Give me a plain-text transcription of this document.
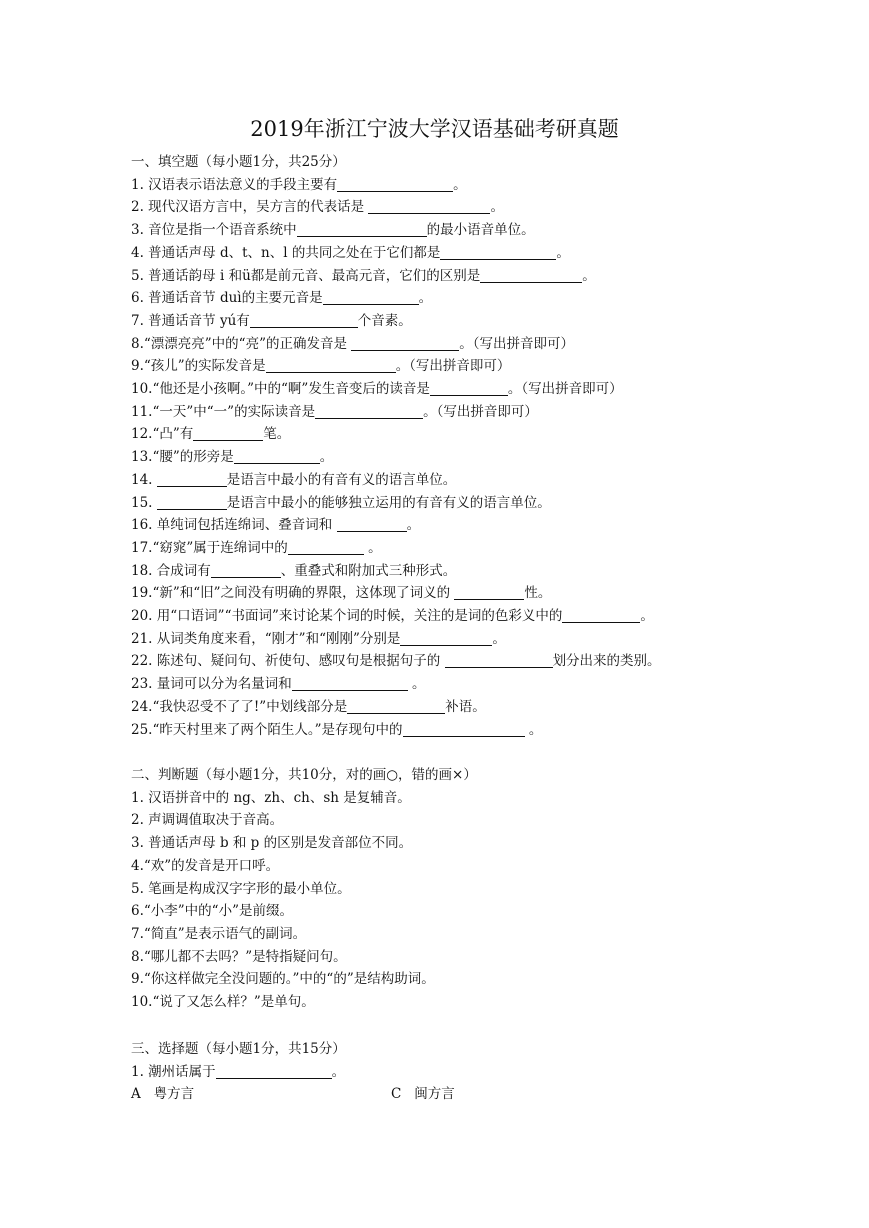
2019年浙江宁波大学汉语基础考研真题
一、填空题（每小题1分，共25分）
1. 汉语表示语法意义的手段主要有	。
2. 现代汉语方言中，吴方言的代表话是	。
3. 音位是指一个语音系统中	的最小语音单位。
4. 普通话声母 d、t、n、l 的共同之处在于它们都是	。
5. 普通话韵母 i 和ü都是前元音、最高元音，它们的区别是	。
6. 普通话音节 duì的主要元音是	。
7. 普通话音节 yú有	个音素。
8.“漂漂亮亮”中的“亮”的正确发音是	。（写出拼音即可）
9.“孩儿”的实际发音是	。（写出拼音即可）
10.“他还是小孩啊。”中的“啊”发生音变后的读音是	。（写出拼音即可）
11.“一天”中“一”的实际读音是	。（写出拼音即可）
12.“凸”有	笔。
13.“腰”的形旁是	。
14.	是语言中最小的有音有义的语言单位。
15.	是语言中最小的能够独立运用的有音有义的语言单位。
16. 单纯词包括连绵词、叠音词和	。
17.“窈窕”属于连绵词中的	。
18. 合成词有	、重叠式和附加式三种形式。
19.“新”和“旧”之间没有明确的界限，这体现了词义的	性。
20. 用“口语词”“书面词”来讨论某个词的时候，关注的是词的色彩义中的	。
21. 从词类角度来看，“刚才”和“刚刚”分别是	。
22. 陈述句、疑问句、祈使句、感叹句是根据句子的	划分出来的类别。
23. 量词可以分为名量词和	。
24.“我快忍受不了了!”中划线部分是	补语。
25.“昨天村里来了两个陌生人。”是存现句中的	。
二、判断题（每小题1分，共10分，对的画○，错的画×）
1. 汉语拼音中的 ng、zh、ch、sh 是复辅音。
2. 声调调值取决于音高。
3. 普通话声母 b 和 p 的区别是发音部位不同。
4.“欢”的发音是开口呼。
5. 笔画是构成汉字字形的最小单位。
6.“小李”中的“小”是前缀。
7.“简直”是表示语气的副词。
8.“哪儿都不去吗？”是特指疑问句。
9.“你这样做完全没问题的。”中的“的”是结构助词。
10.“说了又怎么样？”是单句。
三、选择题（每小题1分，共15分）
1. 潮州话属于	。
A   粤方言	C   闽方言
